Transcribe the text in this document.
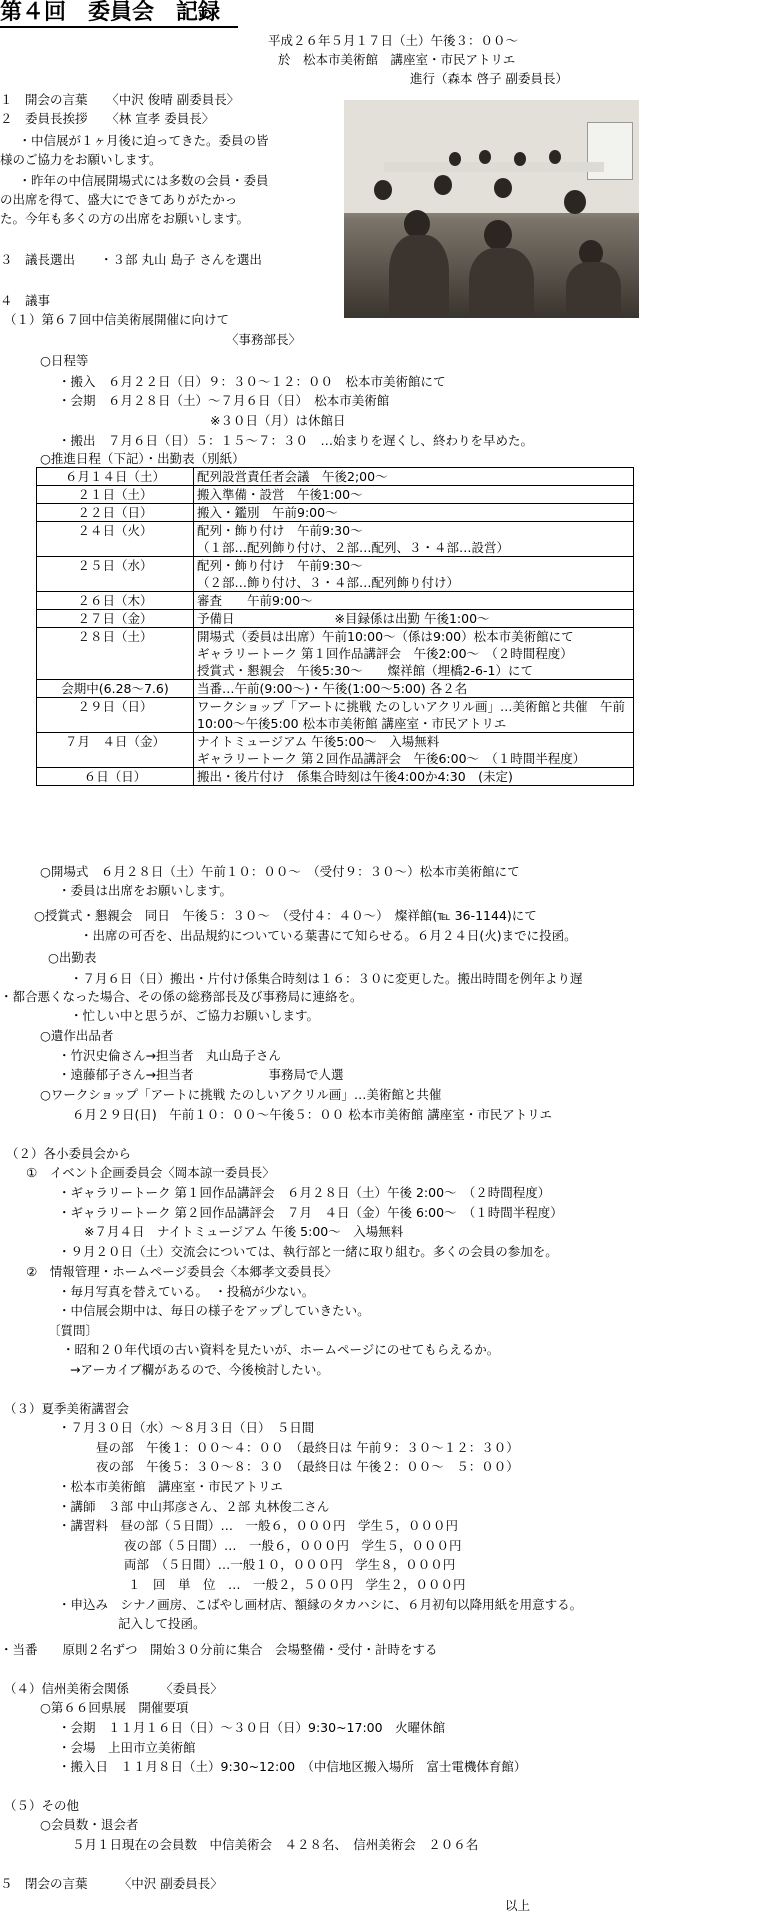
第４回　委員会　記録
平成２６年５月１７日（土）午後３：００～
於　松本市美術館　講座室・市民アトリエ
進行（森本 啓子 副委員長）
１　開会の言葉　　〈中沢 俊晴 副委員長〉
２　委員長挨拶　　〈林 宣孝 委員長〉
　・中信展が１ヶ月後に迫ってきた。委員の皆
様のご協力をお願いします。
　・昨年の中信展開場式には多数の会員・委員
の出席を得て、盛大にできてありがたかっ
た。今年も多くの方の出席をお願いします。
３　議長選出　　・３部 丸山 島子 さんを選出
４　議事
（１）第６７回中信美術展開催に向けて
〈事務部長〉
○日程等
・搬入　６月２２日（日）９：３０～１２：００　松本市美術館にて
・会期　６月２８日（土）～７月６日（日）　松本市美術館
※３０日（月）は休館日
・搬出　７月６日（日）５：１５～７：３０　…始まりを遅くし、終わりを早めた。
○推進日程（下記）・出勤表（別紙）
６月１４日（土）	配列設営責任者会議　午後2;00～
２１日（土）	搬入準備・設営　午後1:00～
２２日（日）	搬入・鑑別　午前9:00～
２４日（火）	配列・飾り付け　午前9:30～
（１部…配列飾り付け、２部…配列、３・４部…設営）
２５日（水）	配列・飾り付け　午前9:30～
（２部…飾り付け、３・４部…配列飾り付け）
２６日（木）	審査　　午前9:00～
２７日（金）	予備日　　　　　　　　※目録係は出勤 午後1:00～
２８日（土）	開場式（委員は出席）午前10:00～（係は9:00）松本市美術館にて
ギャラリートーク 第１回作品講評会　午後2:00～　（２時間程度）
授賞式・懇親会　午後5:30～　　燦祥館（埋橋2-6-1）にて
会期中(6.28～7.6)	当番…午前(9:00～)・午後(1:00～5:00) 各２名
２９日（日）	ワークショップ「アートに挑戦 たのしいアクリル画」…美術館と共催　午前10:00～午後5:00 松本市美術館 講座室・市民アトリエ
７月　４日（金）	ナイトミュージアム 午後5:00～　入場無料
ギャラリートーク 第２回作品講評会　午後6:00～　（１時間半程度）
６日（日）	搬出・後片付け　係集合時刻は午後4:00か4:30　(未定)
○開場式　６月２８日（土）午前１０：００～　（受付９：３０～）松本市美術館にて
・委員は出席をお願いします。
○授賞式・懇親会　同日　午後５：３０～　（受付４：４０～）　燦祥館(℡ 36-1144)にて
・出席の可否を、出品規約についている葉書にて知らせる。６月２４日(火)までに投函。
○出勤表
・７月６日（日）搬出・片付け係集合時刻は１６：３０に変更した。搬出時間を例年より遅
・都合悪くなった場合、その係の総務部長及び事務局に連絡を。
・忙しい中と思うが、ご協力お願いします。
○遺作出品者
・竹沢史倫さん→担当者　丸山島子さん
・遠藤郁子さん→担当者　　　　　　事務局で人選
○ワークショップ「アートに挑戦 たのしいアクリル画」…美術館と共催
６月２９日(日)　午前１０：００～午後５：００ 松本市美術館 講座室・市民アトリエ
（２）各小委員会から
①　イベント企画委員会〈岡本諒一委員長〉
・ギャラリートーク 第１回作品講評会　６月２８日（土）午後 2:00～　（２時間程度）
・ギャラリートーク 第２回作品講評会　７月　４日（金）午後 6:00～　（１時間半程度）
※７月４日　ナイトミュージアム 午後 5:00～　入場無料
・９月２０日（土）交流会については、執行部と一緒に取り組む。多くの会員の参加を。
②　情報管理・ホームページ委員会〈本郷孝文委員長〉
・毎月写真を替えている。　・投稿が少ない。
・中信展会期中は、毎日の様子をアップしていきたい。
〔質問〕
・昭和２０年代頃の古い資料を見たいが、ホームページにのせてもらえるか。
→アーカイブ欄があるので、今後検討したい。
（３）夏季美術講習会
・７月３０日（水）～８月３日（日）　５日間
昼の部　午後１：００～４：００　（最終日は 午前９：３０～１２：３０）
夜の部　午後５：３０～８：３０　（最終日は 午後２：００～　５：００）
・松本市美術館　講座室・市民アトリエ
・講師　３部 中山邦彦さん、２部 丸林俊二さん
・講習料　昼の部（５日間）…　一般６，０００円　学生５，０００円
夜の部（５日間）…　一般６，０００円　学生５，０００円
両部　（５日間）…一般１０，０００円　学生８，０００円
１　回　単　位　…　一般２，５００円　学生２，０００円
・申込み　シナノ画房、こばやし画材店、額縁のタカハシに、６月初旬以降用紙を用意する。
記入して投函。
・当番　　原則２名ずつ　開始３０分前に集合　会場整備・受付・計時をする
（４）信州美術会関係　　　〈委員長〉
○第６６回県展　開催要項
・会期　１１月１６日（日）～３０日（日）9:30~17:00　火曜休館
・会場　上田市立美術館
・搬入日　１１月８日（土）9:30~12:00　（中信地区搬入場所　富士電機体育館）
（５）その他
○会員数・退会者
５月１日現在の会員数　中信美術会　４２８名、　信州美術会　２０６名
５　閉会の言葉　　　〈中沢 副委員長〉
以上
